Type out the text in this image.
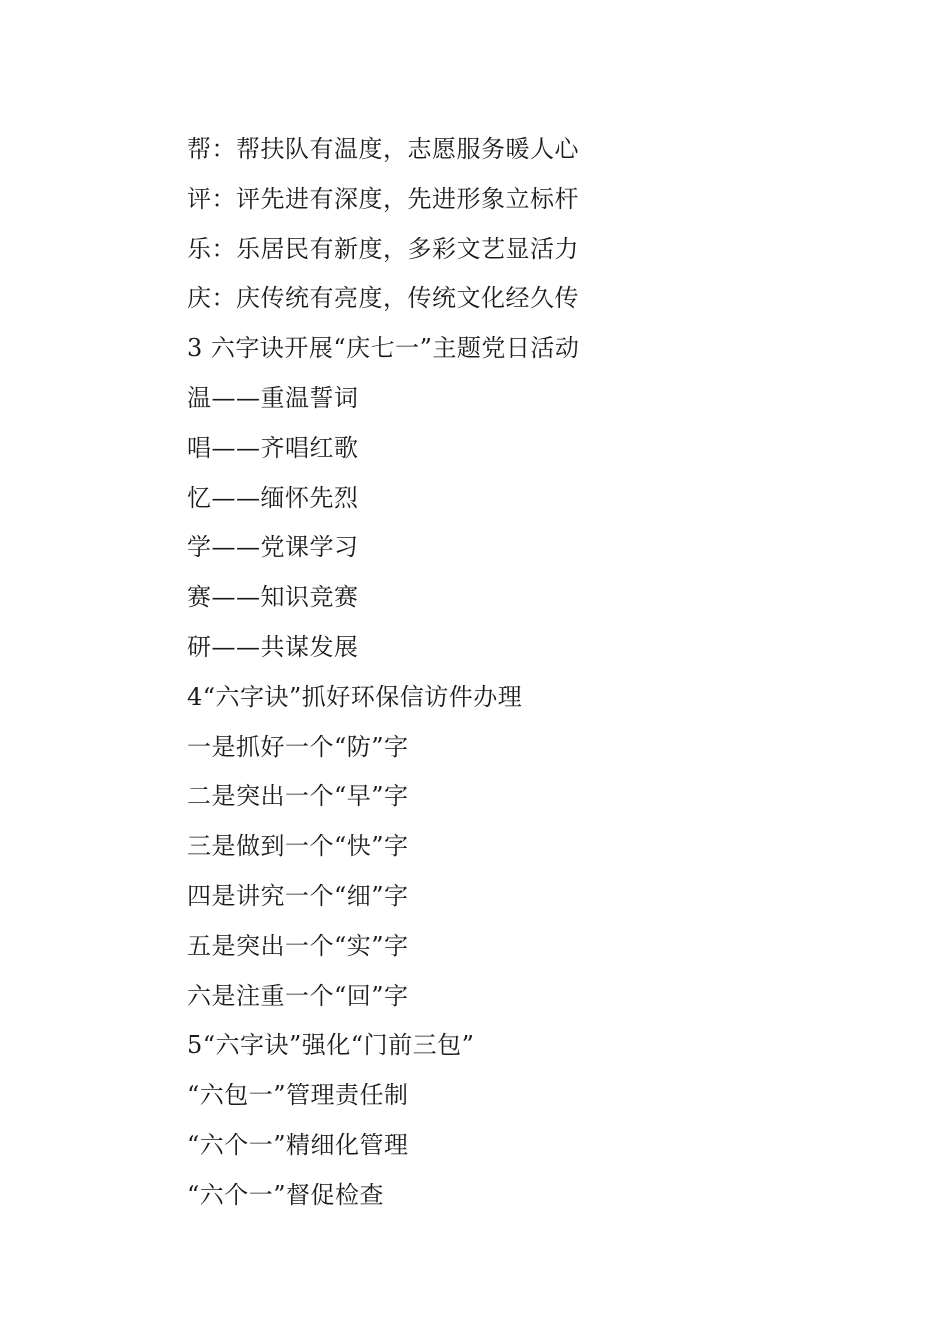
帮：帮扶队有温度，志愿服务暖人心
评：评先进有深度，先进形象立标杆
乐：乐居民有新度，多彩文艺显活力
庆：庆传统有亮度，传统文化经久传
3 六字诀开展“庆七一”主题党日活动
温——重温誓词
唱——齐唱红歌
忆——缅怀先烈
学——党课学习
赛——知识竞赛
研——共谋发展
4“六字诀”抓好环保信访件办理
一是抓好一个“防”字
二是突出一个“早”字
三是做到一个“快”字
四是讲究一个“细”字
五是突出一个“实”字
六是注重一个“回”字
5“六字诀”强化“门前三包”
“六包一”管理责任制
“六个一”精细化管理
“六个一”督促检查
